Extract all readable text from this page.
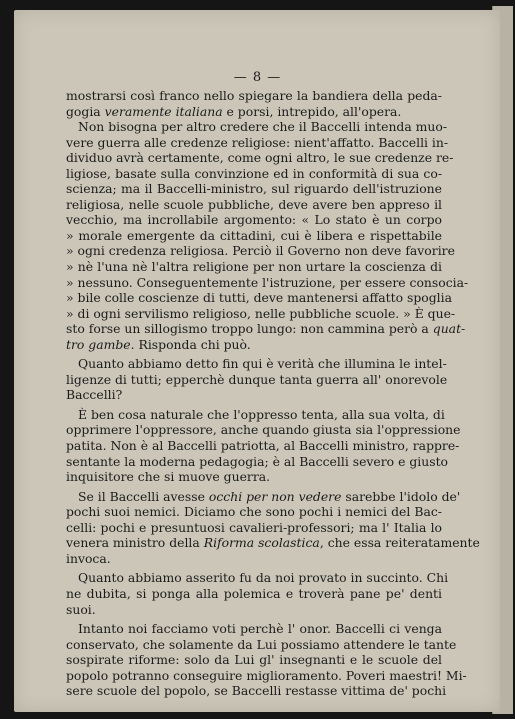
— 8 —
mostrarsi così franco nello spiegare la bandiera della peda-
gogia veramente italiana e porsi, intrepido, all'opera.
Non bisogna per altro credere che il Baccelli intenda muo-
vere guerra alle credenze religiose: nient'affatto. Baccelli in-
dividuo avrà certamente, come ogni altro, le sue credenze re-
ligiose, basate sulla convinzione ed in conformità di sua co-
scienza; ma il Baccelli-ministro, sul riguardo dell'istruzione
religiosa, nelle scuole pubbliche, deve avere ben appreso il
vecchio, ma incrollabile argomento: « Lo stato è un corpo
» morale emergente da cittadini, cui è libera e rispettabile
» ogni credenza religiosa. Perciò il Governo non deve favorire
» nè l'una nè l'altra religione per non urtare la coscienza di
» nessuno. Conseguentemente l'istruzione, per essere consocia-
» bile colle coscienze di tutti, deve mantenersi affatto spoglia
» di ogni servilismo religioso, nelle pubbliche scuole. » È que-
sto forse un sillogismo troppo lungo: non cammina però a quat-
tro gambe. Risponda chi può.
Quanto abbiamo detto fin qui è verità che illumina le intel-
ligenze di tutti; epperchè dunque tanta guerra all' onorevole
Baccelli?
È ben cosa naturale che l'oppresso tenta, alla sua volta, di
opprimere l'oppressore, anche quando giusta sia l'oppressione
patita. Non è al Baccelli patriotta, al Baccelli ministro, rappre-
sentante la moderna pedagogia; è al Baccelli severo e giusto
inquisitore che si muove guerra.
Se il Baccelli avesse occhi per non vedere sarebbe l'idolo de'
pochi suoi nemici. Diciamo che sono pochi i nemici del Bac-
celli: pochi e presuntuosi cavalieri-professori; ma l' Italia lo
venera ministro della Riforma scolastica, che essa reiteratamente
invoca.
Quanto abbiamo asserito fu da noi provato in succinto. Chi
ne dubita, si ponga alla polemica e troverà pane pe' denti
suoi.
Intanto noi facciamo voti perchè l' onor. Baccelli ci venga
conservato, che solamente da Lui possiamo attendere le tante
sospirate riforme: solo da Lui gl' insegnanti e le scuole del
popolo potranno conseguire miglioramento. Poveri maestri! Mi-
sere scuole del popolo, se Baccelli restasse vittima de' pochi
